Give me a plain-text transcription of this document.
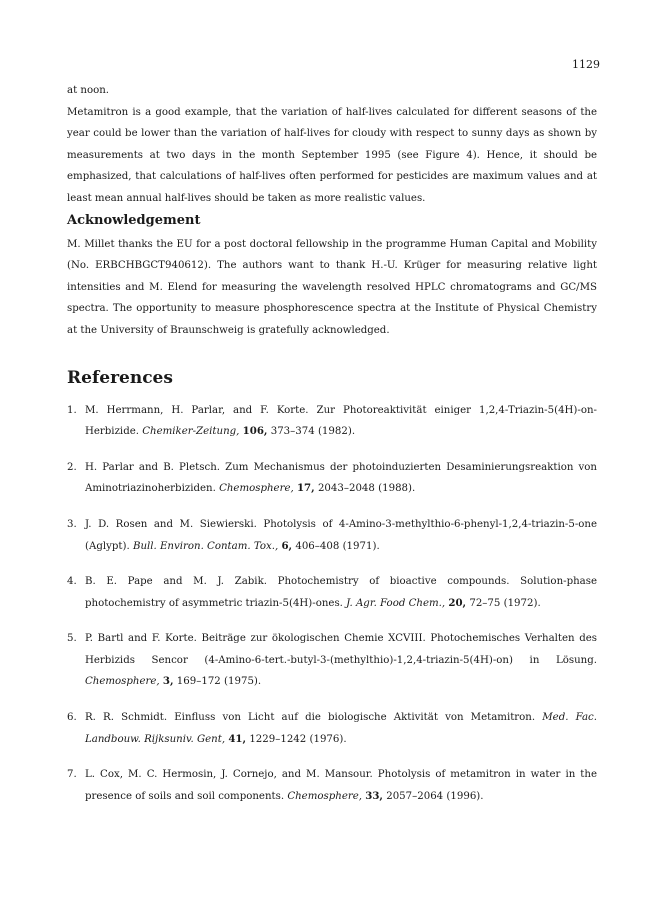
1129

at noon.

Metamitron is a good example, that the variation of half-lives calculated for different seasons of the year could be lower than the variation of half-lives for cloudy with respect to sunny days as shown by measurements at two days in the month September 1995 (see Figure 4). Hence, it should be emphasized, that calculations of half-lives often performed for pesticides are maximum values and at least mean annual half-lives should be taken as more realistic values.

Acknowledgement

M. Millet thanks the EU for a post doctoral fellowship in the programme Human Capital and Mobility (No. ERBCHBGCT940612). The authors want to thank H.-U. Krüger for measuring relative light intensities and M. Elend for measuring the wavelength resolved HPLC chromatograms and GC/MS spectra. The opportunity to measure phosphorescence spectra at the Institute of Physical Chemistry at the University of Braunschweig is gratefully acknowledged.

References
1. M. Herrmann, H. Parlar, and F. Korte. Zur Photoreaktivität einiger 1,2,4-Triazin-5(4H)-on-Herbizide. Chemiker-Zeitung, 106, 373–374 (1982).
2. H. Parlar and B. Pletsch. Zum Mechanismus der photoinduzierten Desaminierungsreaktion von Aminotriazinoherbiziden. Chemosphere, 17, 2043–2048 (1988).
3. J. D. Rosen and M. Siewierski. Photolysis of 4-Amino-3-methylthio-6-phenyl-1,2,4-triazin-5-one (Aglypt). Bull. Environ. Contam. Tox., 6, 406–408 (1971).
4. B. E. Pape and M. J. Zabik. Photochemistry of bioactive compounds. Solution-phase photochemistry of asymmetric triazin-5(4H)-ones. J. Agr. Food Chem., 20, 72–75 (1972).
5. P. Bartl and F. Korte. Beiträge zur ökologischen Chemie XCVIII. Photochemisches Verhalten des Herbizids Sencor (4-Amino-6-tert.-butyl-3-(methylthio)-1,2,4-triazin-5(4H)-on) in Lösung. Chemosphere, 3, 169–172 (1975).
6. R. R. Schmidt. Einfluss von Licht auf die biologische Aktivität von Metamitron. Med. Fac. Landbouw. Rijksuniv. Gent, 41, 1229–1242 (1976).
7. L. Cox, M. C. Hermosin, J. Cornejo, and M. Mansour. Photolysis of metamitron in water in the presence of soils and soil components. Chemosphere, 33, 2057–2064 (1996).
